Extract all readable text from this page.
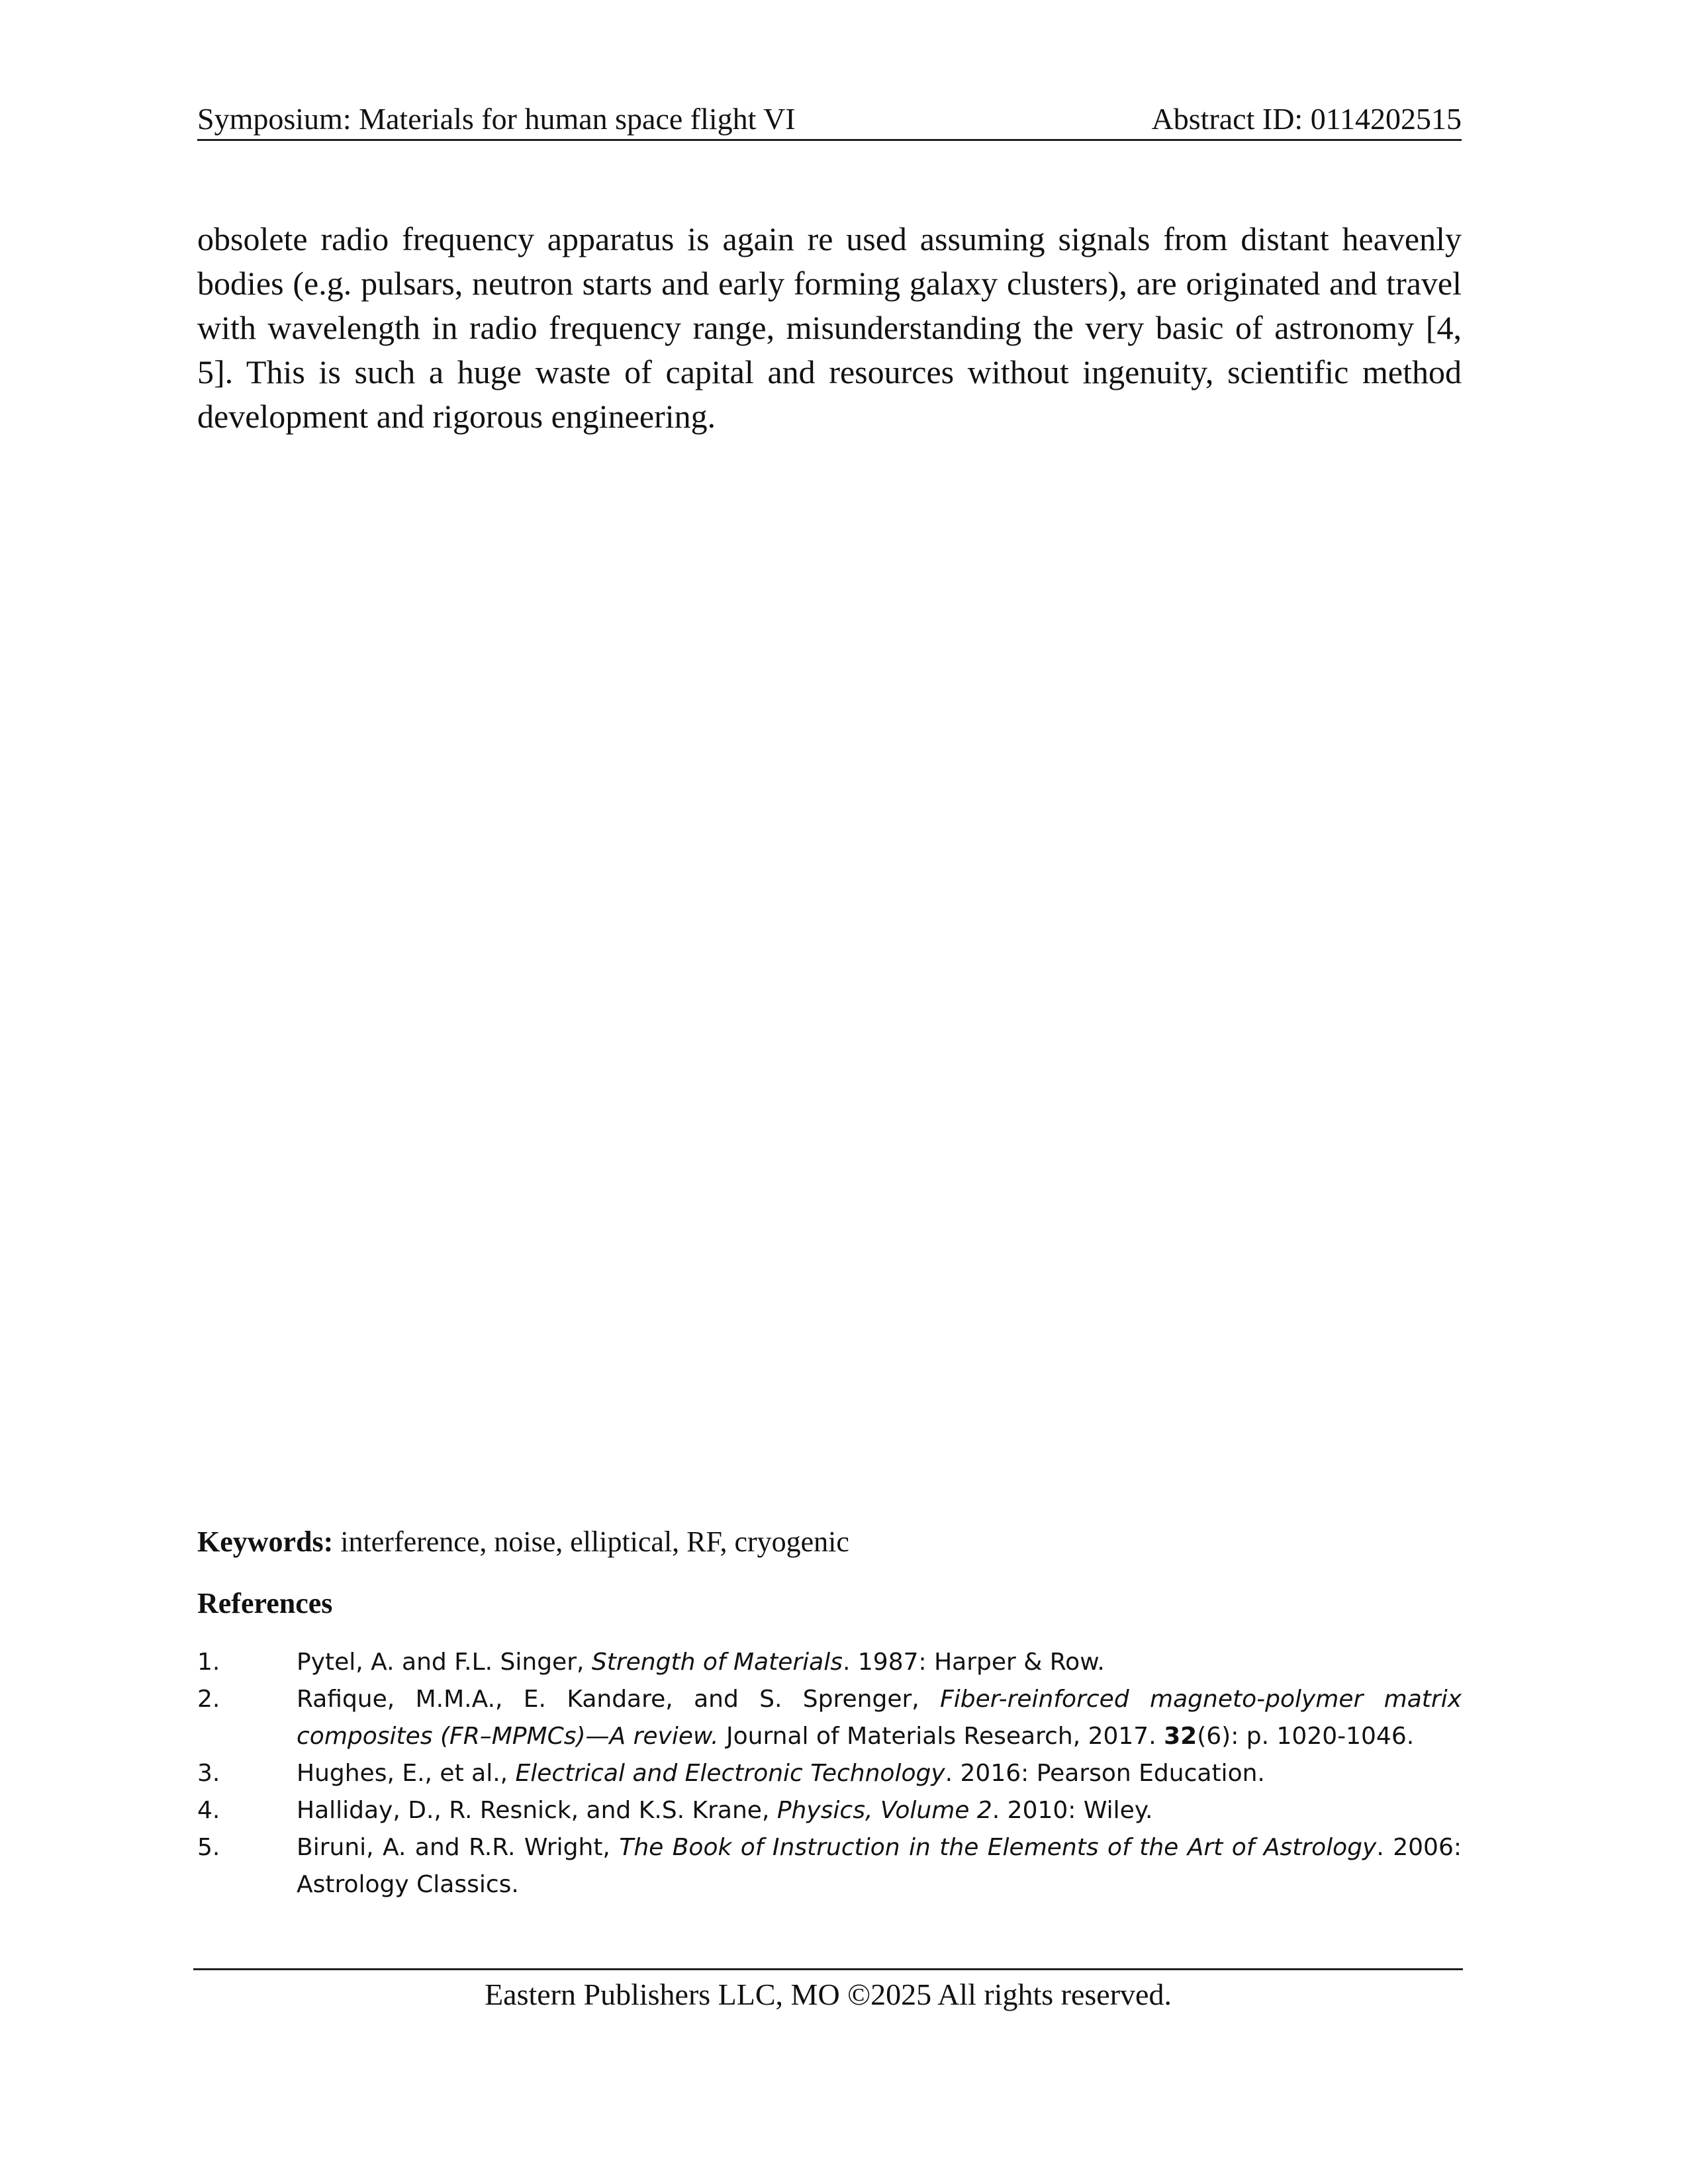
Symposium: Materials for human space flight VI	Abstract ID: 0114202515

obsolete radio frequency apparatus is again re used assuming signals from distant heavenly bodies (e.g. pulsars, neutron starts and early forming galaxy clusters), are originated and travel with wavelength in radio frequency range, misunderstanding the very basic of astronomy [4, 5]. This is such a huge waste of capital and resources without ingenuity, scientific method development and rigorous engineering.

Keywords: interference, noise, elliptical, RF, cryogenic

References
1.	Pytel, A. and F.L. Singer, Strength of Materials. 1987: Harper & Row.
2.	Rafique, M.M.A., E. Kandare, and S. Sprenger, Fiber-reinforced magneto-polymer matrix composites (FR–MPMCs)—A review. Journal of Materials Research, 2017. 32(6): p. 1020-1046.
3.	Hughes, E., et al., Electrical and Electronic Technology. 2016: Pearson Education.
4.	Halliday, D., R. Resnick, and K.S. Krane, Physics, Volume 2. 2010: Wiley.
5.	Biruni, A. and R.R. Wright, The Book of Instruction in the Elements of the Art of Astrology. 2006: Astrology Classics.
Eastern Publishers LLC, MO ©2025 All rights reserved.
